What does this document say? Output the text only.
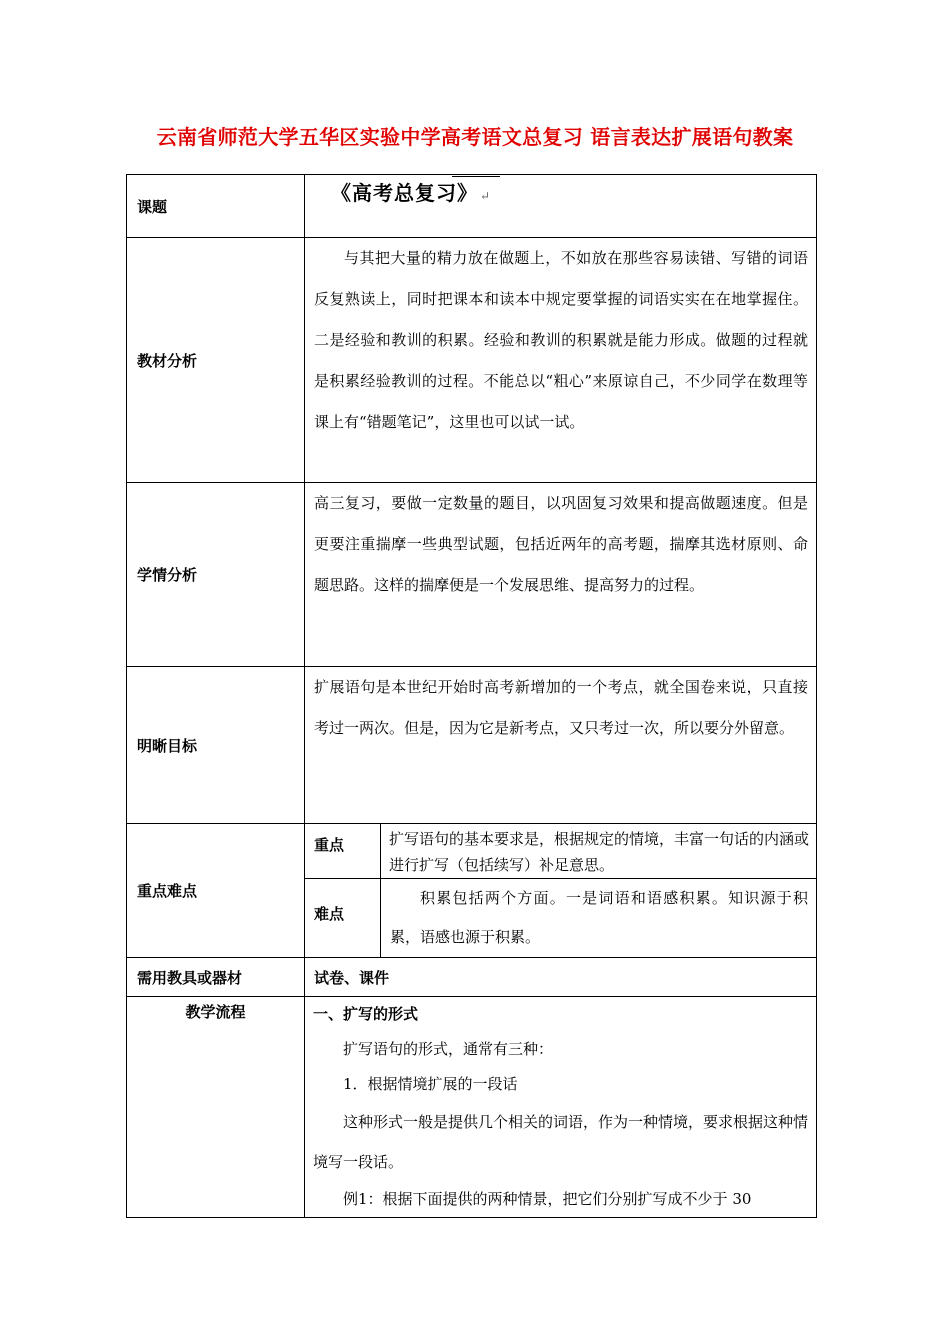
云南省师范大学五华区实验中学高考语文总复习 语言表达扩展语句教案
课题	《高考总复习》 ↵	
教材分析	与其把大量的精力放在做题上，不如放在那些容易读错、写错的词语反复熟读上，同时把课本和读本中规定要掌握的词语实实在在地掌握住。二是经验和教训的积累。经验和教训的积累就是能力形成。做题的过程就是积累经验教训的过程。不能总以“粗心”来原谅自己，不少同学在数理等课上有“错题笔记”，这里也可以试一试。	
学情分析	高三复习，要做一定数量的题目，以巩固复习效果和提高做题速度。但是更要注重揣摩一些典型试题，包括近两年的高考题，揣摩其选材原则、命题思路。这样的揣摩便是一个发展思维、提高努力的过程。	
明晰目标	扩展语句是本世纪开始时高考新增加的一个考点，就全国卷来说，只直接考过一两次。但是，因为它是新考点，又只考过一次，所以要分外留意。	
重点难点	重点	扩写语句的基本要求是，根据规定的情境，丰富一句话的内涵或进行扩写（包括续写）补足意思。
	难点	积累包括两个方面。一是词语和语感积累。知识源于积累，语感也源于积累。
需用教具或器材	试卷、课件	
教学流程	一、扩写的形式

扩写语句的形式，通常有三种：

1．根据情境扩展的一段话

这种形式一般是提供几个相关的词语，作为一种情境，要求根据这种情境写一段话。

例1：根据下面提供的两种情景，把它们分别扩写成不少于 30	
